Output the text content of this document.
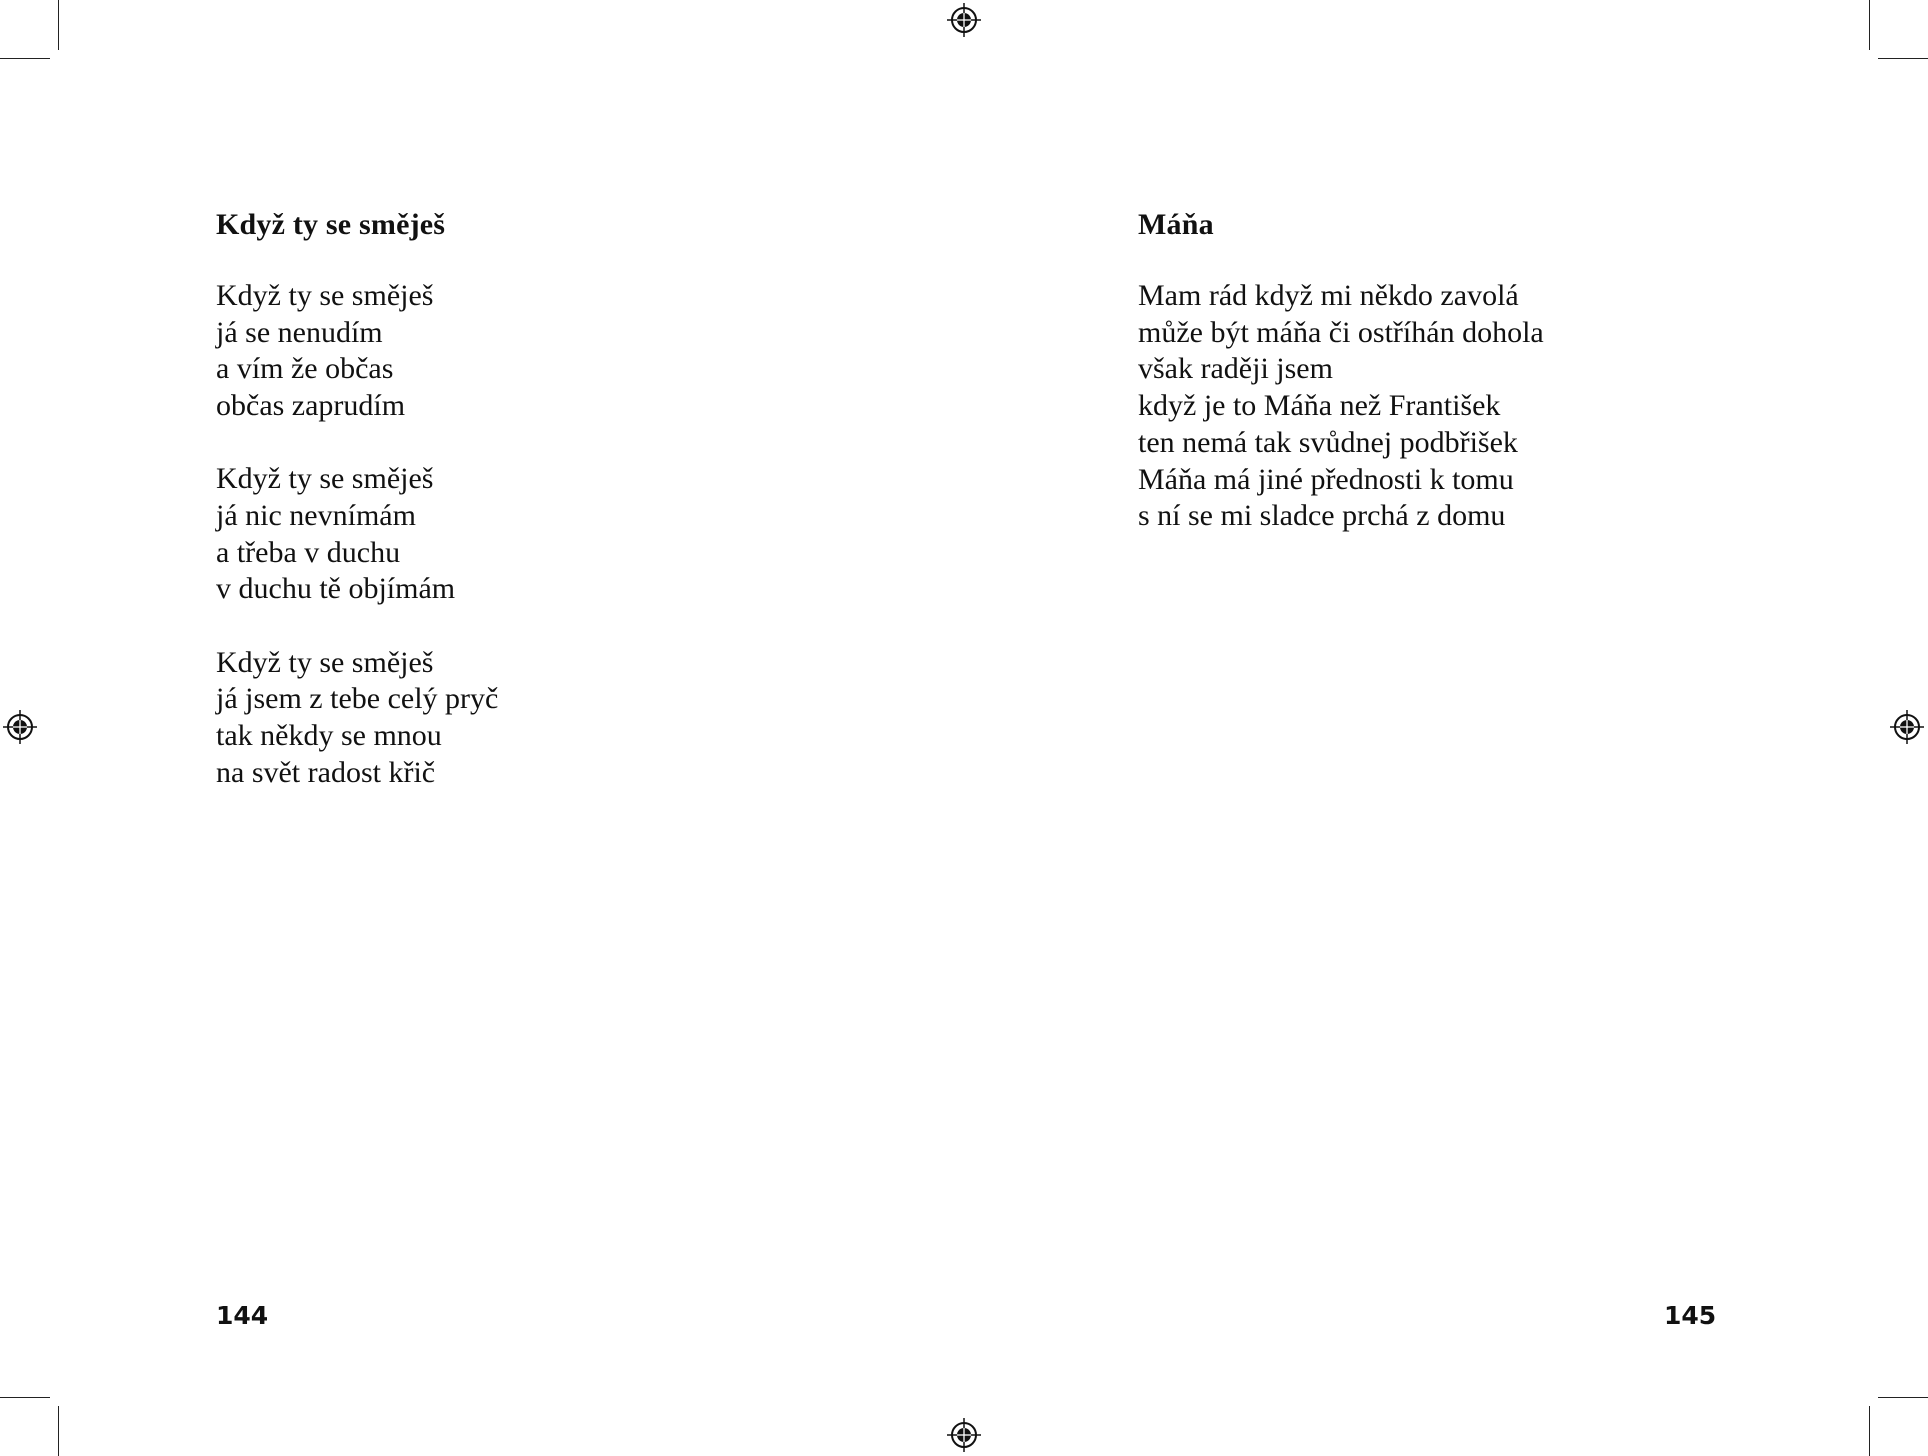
Když ty se směješ
Když ty se směješ
já se nenudím
a vím že občas
občas zaprudím
Když ty se směješ
já nic nevnímám
a třeba v duchu
v duchu tě objímám
Když ty se směješ
já jsem z tebe celý pryč
tak někdy se mnou
na svět radost křič
144
Máňa
Mam rád když mi někdo zavolá
může být máňa či ostříhán dohola
však raději jsem
když je to Máňa než František
ten nemá tak svůdnej podbřišek
Máňa má jiné přednosti k tomu
s ní se mi sladce prchá z domu
145
